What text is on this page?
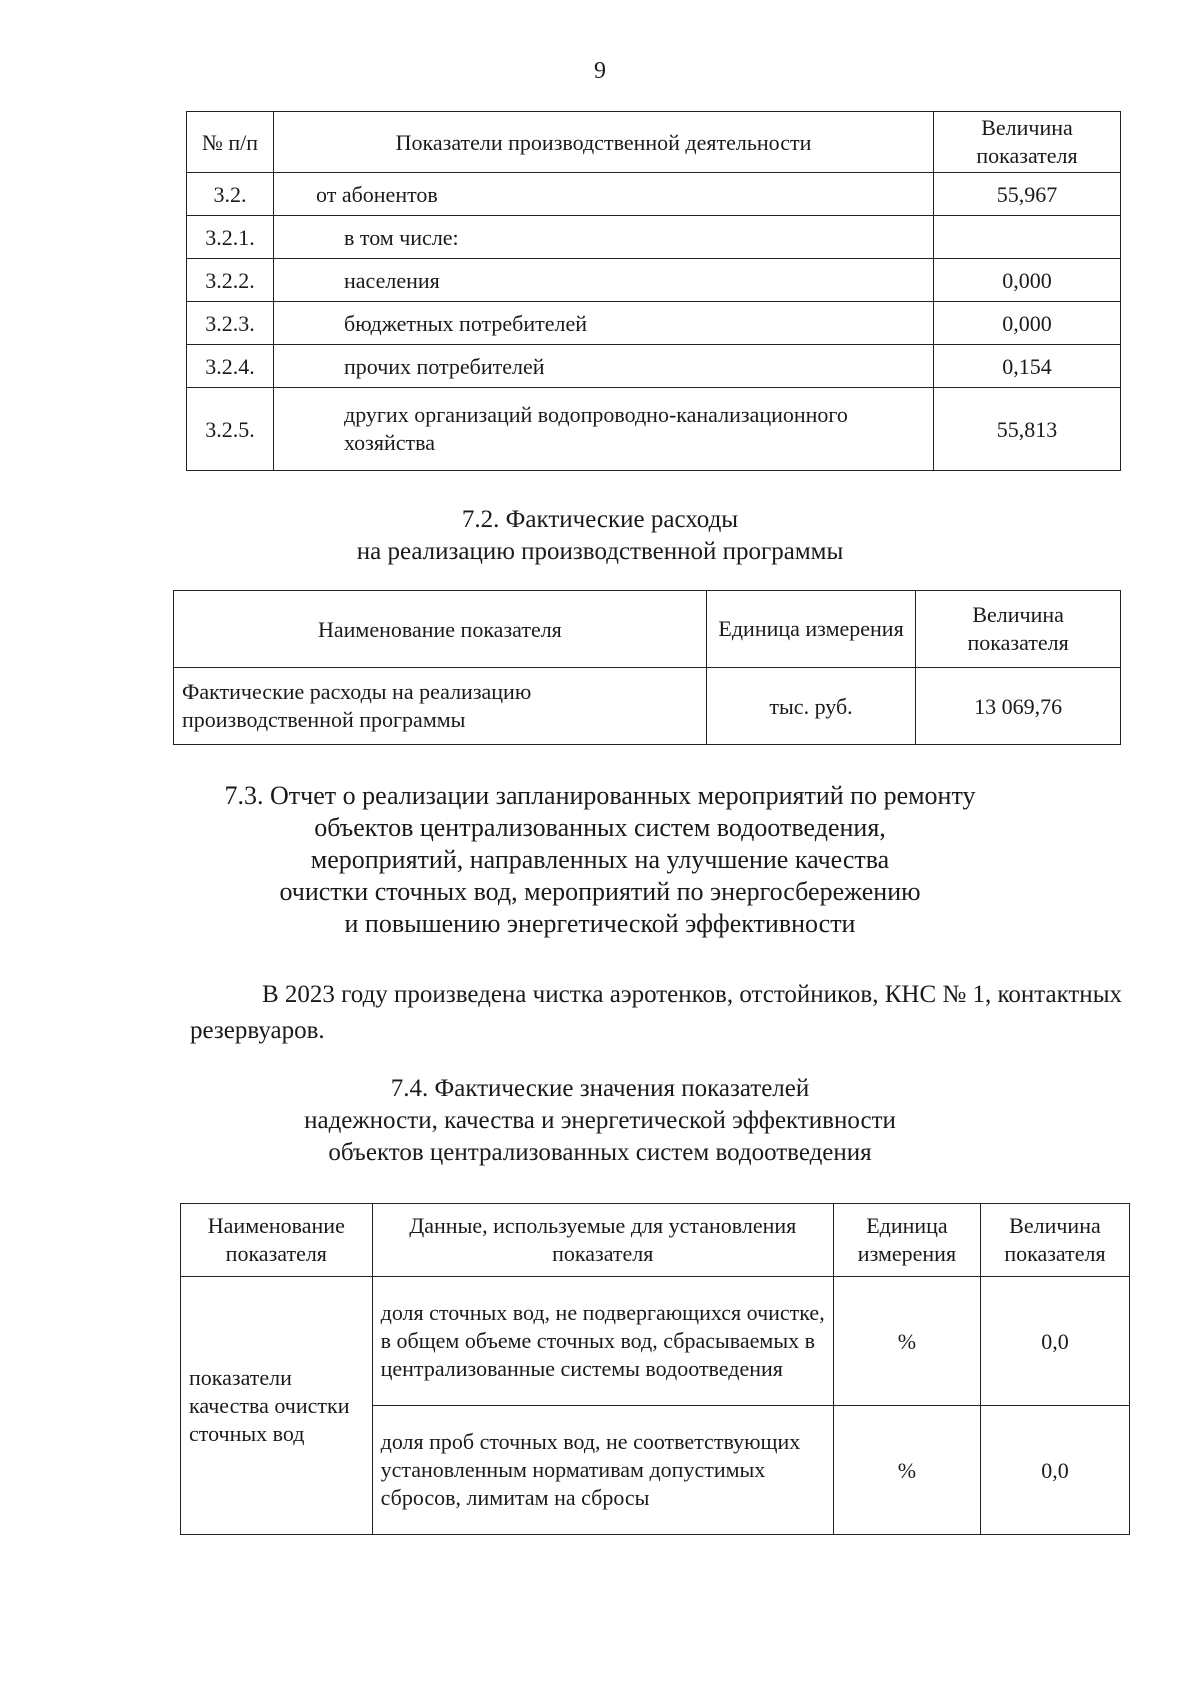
9
№ п/п	Показатели производственной деятельности	Величина показателя
3.2.	от абонентов	55,967
3.2.1.	в том числе:	
3.2.2.	населения	0,000
3.2.3.	бюджетных потребителей	0,000
3.2.4.	прочих потребителей	0,154
3.2.5.	других организаций водопроводно-канализационного хозяйства	55,813
7.2. Фактические расходы
на реализацию производственной программы
Наименование показателя	Единица измерения	Величина показателя
Фактические расходы на реализацию производственной программы	тыс. руб.	13 069,76
7.3. Отчет о реализации запланированных мероприятий по ремонту
объектов централизованных систем водоотведения,
мероприятий, направленных на улучшение качества
очистки сточных вод, мероприятий по энергосбережению
и повышению энергетической эффективности
В 2023 году произведена чистка аэротенков, отстойников, КНС № 1, контактных резервуаров.
7.4. Фактические значения показателей
надежности, качества и энергетической эффективности
объектов централизованных систем водоотведения
Наименование показателя	Данные, используемые для установления показателя	Единица измерения	Величина показателя
показатели качества очистки сточных вод	доля сточных вод, не подвергающихся очистке, в общем объеме сточных вод, сбрасываемых в централизованные системы водоотведения	%	0,0
	доля проб сточных вод, не соответствующих установленным нормативам допустимых сбросов, лимитам на сбросы	%	0,0
